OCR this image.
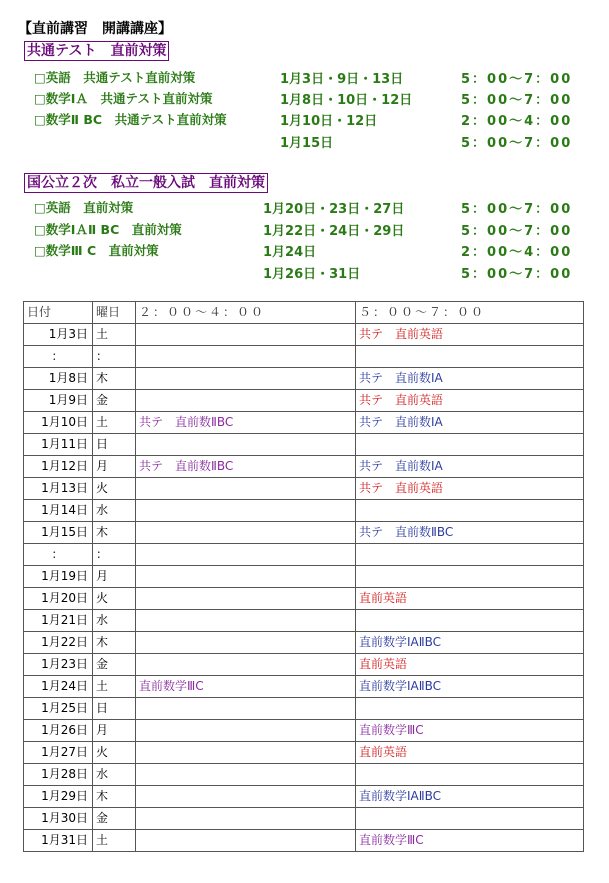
【直前講習　開講講座】
共通テスト　直前対策
□英語　共通テスト直前対策	1月3日・9日・13日	5：00～7：00
□数学ⅠＡ　共通テスト直前対策	1月8日・10日・12日	5：00～7：00
□数学Ⅱ BC　共通テスト直前対策	1月10日・12日	2：00～4：00
1月15日	5：00～7：00
国公立２次　私立一般入試　直前対策
□英語　直前対策	1月20日・23日・27日	5：00～7：00
□数学ⅠＡⅡ BC　直前対策	1月22日・24日・29日	5：00～7：00
□数学Ⅲ C　直前対策	1月24日	2：00～4：00
1月26日・31日	5：00～7：00
日付	曜日	２：００～４：００	５：００～７：００
1月3日	土		共テ　直前英語
：	：		
1月8日	木		共テ　直前数ⅠA
1月9日	金		共テ　直前英語
1月10日	土	共テ　直前数ⅡBC	共テ　直前数ⅠA
1月11日	日		
1月12日	月	共テ　直前数ⅡBC	共テ　直前数ⅠA
1月13日	火		共テ　直前英語
1月14日	水		
1月15日	木		共テ　直前数ⅡBC
：	：		
1月19日	月		
1月20日	火		直前英語
1月21日	水		
1月22日	木		直前数学ⅠAⅡBC
1月23日	金		直前英語
1月24日	土	直前数学ⅢC	直前数学ⅠAⅡBC
1月25日	日		
1月26日	月		直前数学ⅢC
1月27日	火		直前英語
1月28日	水		
1月29日	木		直前数学ⅠAⅡBC
1月30日	金		
1月31日	土		直前数学ⅢC
